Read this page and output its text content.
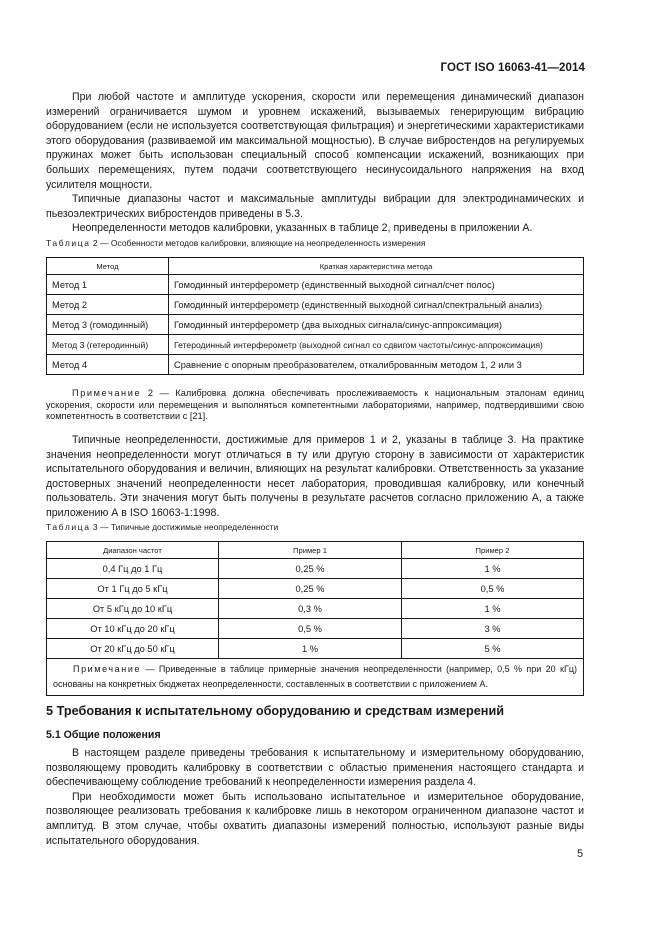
ГОСТ ISO 16063-41—2014

При любой частоте и амплитуде ускорения, скорости или перемещения динамический диапазон измерений ограничивается шумом и уровнем искажений, вызываемых генерирующим вибрацию оборудованием (если не используется соответствующая фильтрация) и энергетическими характеристиками этого оборудования (развиваемой им максимальной мощностью). В случае вибростендов на регулируемых пружинах может быть использован специальный способ компенсации искажений, возникающих при больших перемещениях, путем подачи соответствующего несинусоидального напряжения на вход усилителя мощности.

Типичные диапазоны частот и максимальные амплитуды вибрации для электродинамических и пьезоэлектрических вибростендов приведены в 5.3.

Неопределенности методов калибровки, указанных в таблице 2, приведены в приложении А.

Таблица 2 — Особенности методов калибровки, влияющие на неопределенность измерения
Метод	Краткая характеристика метода
Метод 1	Гомодинный интерферометр (единственный выходной сигнал/счет полос)
Метод 2	Гомодинный интерферометр (единственный выходной сигнал/спектральный анализ)
Метод 3 (гомодинный)	Гомодинный интерферометр (два выходных сигнала/синус-аппроксимация)
Метод 3 (гетеродинный)	Гетеродинный интерферометр (выходной сигнал со сдвигом частоты/синус-аппроксимация)
Метод 4	Сравнение с опорным преобразователем, откалиброванным методом 1, 2 или 3

Примечание 2 — Калибровка должна обеспечивать прослеживаемость к национальным эталонам единиц ускорения, скорости или перемещения и выполняться компетентными лабораториями, например, подтвердившими свою компетентность в соответствии с [21].

Типичные неопределенности, достижимые для примеров 1 и 2, указаны в таблице 3. На практике значения неопределенности могут отличаться в ту или другую сторону в зависимости от характеристик испытательного оборудования и величин, влияющих на результат калибровки. Ответственность за указание достоверных значений неопределенности несет лаборатория, проводившая калибровку, или конечный пользователь. Эти значения могут быть получены в результате расчетов согласно приложению А, а также приложению А в ISO 16063-1:1998.

Таблица 3 — Типичные достижимые неопределенности
Диапазон частот	Пример 1	Пример 2
0,4 Гц до 1 Гц	0,25 %	1 %
От 1 Гц до 5 кГц	0,25 %	0,5 %
От 5 кГц до 10 кГц	0,3 %	1 %
От 10 кГц до 20 кГц	0,5 %	3 %
От 20 кГц до 50 кГц	1 %	5 %
Примечание — Приведенные в таблице примерные значения неопределенности (например, 0,5 % при 20 кГц) основаны на конкретных бюджетах неопределенности, составленных в соответствии с приложением А.		
5 Требования к испытательному оборудованию и средствам измерений
5.1 Общие положения

В настоящем разделе приведены требования к испытательному и измерительному оборудованию, позволяющему проводить калибровку в соответствии с областью применения настоящего стандарта и обеспечивающему соблюдение требований к неопределенности измерения раздела 4.

При необходимости может быть использовано испытательное и измерительное оборудование, позволяющее реализовать требования к калибровке лишь в некотором ограниченном диапазоне частот и амплитуд. В этом случае, чтобы охватить диапазоны измерений полностью, используют разные виды испытательного оборудования.

5
